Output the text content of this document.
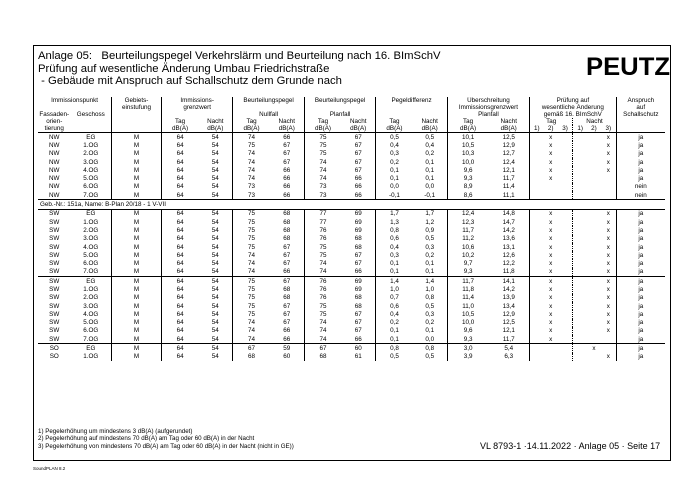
Anlage 05:   Beurteilungspegel Verkehrslärm und Beurteilung nach 16. BImSchV
Prüfung auf wesentliche Änderung Umbau Friedrichstraße
- Gebäude mit Anspruch auf Schallschutz dem Grunde nach	PEUTZ
Immissionspunkt		Gebiets-	Immissions-		Beurteilungspegel		Beurteilungspegel		Pegeldifferenz		Überschreitung		Prüfung auf						Anspruch
		einstufung	grenzwert								Immissionsgrenzwert		wesentliche Änderung						auf
Fassaden-	Geschoss				Nullfall		Planfall				Planfall		gemäß 16. BImSchV						Schallschutz
orien-			Tag	Nacht	Tag	Nacht	Tag	Nacht	Tag	Nacht	Tag	Nacht	Tag			Nacht			
tierung			dB(A)	dB(A)	dB(A)	dB(A)	dB(A)	dB(A)	dB(A)	dB(A)	dB(A)	dB(A)	1)	2)	3)	1)	2)	3)	
NW	EG	M	64	54	74	66	75	67	0,5	0,5	10,1	12,5		x				x	ja
NW	1.OG	M	64	54	75	67	75	67	0,4	0,4	10,5	12,9		x				x	ja
NW	2.OG	M	64	54	74	67	75	67	0,3	0,2	10,3	12,7		x				x	ja
NW	3.OG	M	64	54	74	67	74	67	0,2	0,1	10,0	12,4		x				x	ja
NW	4.OG	M	64	54	74	66	74	67	0,1	0,1	9,6	12,1		x				x	ja
NW	5.OG	M	64	54	74	66	74	66	0,1	0,1	9,3	11,7		x					ja
NW	6.OG	M	64	54	73	66	73	66	0,0	0,0	8,9	11,4							nein
NW	7.OG	M	64	54	73	66	73	66	-0,1	-0,1	8,6	11,1							nein
Geb.-Nr.: 151a, Name: B-Plan 20/18 - 1 V-VII																			
SW	EG	M	64	54	75	68	77	69	1,7	1,7	12,4	14,8		x				x	ja
SW	1.OG	M	64	54	75	68	77	69	1,3	1,2	12,3	14,7		x				x	ja
SW	2.OG	M	64	54	75	68	76	69	0,8	0,9	11,7	14,2		x				x	ja
SW	3.OG	M	64	54	75	68	76	68	0,6	0,5	11,2	13,6		x				x	ja
SW	4.OG	M	64	54	75	67	75	68	0,4	0,3	10,6	13,1		x				x	ja
SW	5.OG	M	64	54	74	67	75	67	0,3	0,2	10,2	12,6		x				x	ja
SW	6.OG	M	64	54	74	67	74	67	0,1	0,1	9,7	12,2		x				x	ja
SW	7.OG	M	64	54	74	66	74	66	0,1	0,1	9,3	11,8		x				x	ja
SW	EG	M	64	54	75	67	76	69	1,4	1,4	11,7	14,1		x				x	ja
SW	1.OG	M	64	54	75	68	76	69	1,0	1,0	11,8	14,2		x				x	ja
SW	2.OG	M	64	54	75	68	76	68	0,7	0,8	11,4	13,9		x				x	ja
SW	3.OG	M	64	54	75	67	75	68	0,6	0,5	11,0	13,4		x				x	ja
SW	4.OG	M	64	54	75	67	75	67	0,4	0,3	10,5	12,9		x				x	ja
SW	5.OG	M	64	54	74	67	74	67	0,2	0,2	10,0	12,5		x				x	ja
SW	6.OG	M	64	54	74	66	74	67	0,1	0,1	9,6	12,1		x				x	ja
SW	7.OG	M	64	54	74	66	74	66	0,1	0,0	9,3	11,7		x					ja
SO	EG	M	64	54	67	59	67	60	0,8	0,8	3,0	5,4					x		ja
SO	1.OG	M	64	54	68	60	68	61	0,5	0,5	3,9	6,3						x	ja
1) Pegelerhöhung um mindestens 3 dB(A) (aufgerundet)
2) Pegelerhöhung auf mindestens 70 dB(A) am Tag oder 60 dB(A) in der Nacht
3) Pegelerhöhung von mindestens 70 dB(A) am Tag oder 60 dB(A) in der Nacht (nicht in GE))	VL 8793-1 ·14.11.2022 · Anlage 05 · Seite 17
SoundPLAN 8.2
